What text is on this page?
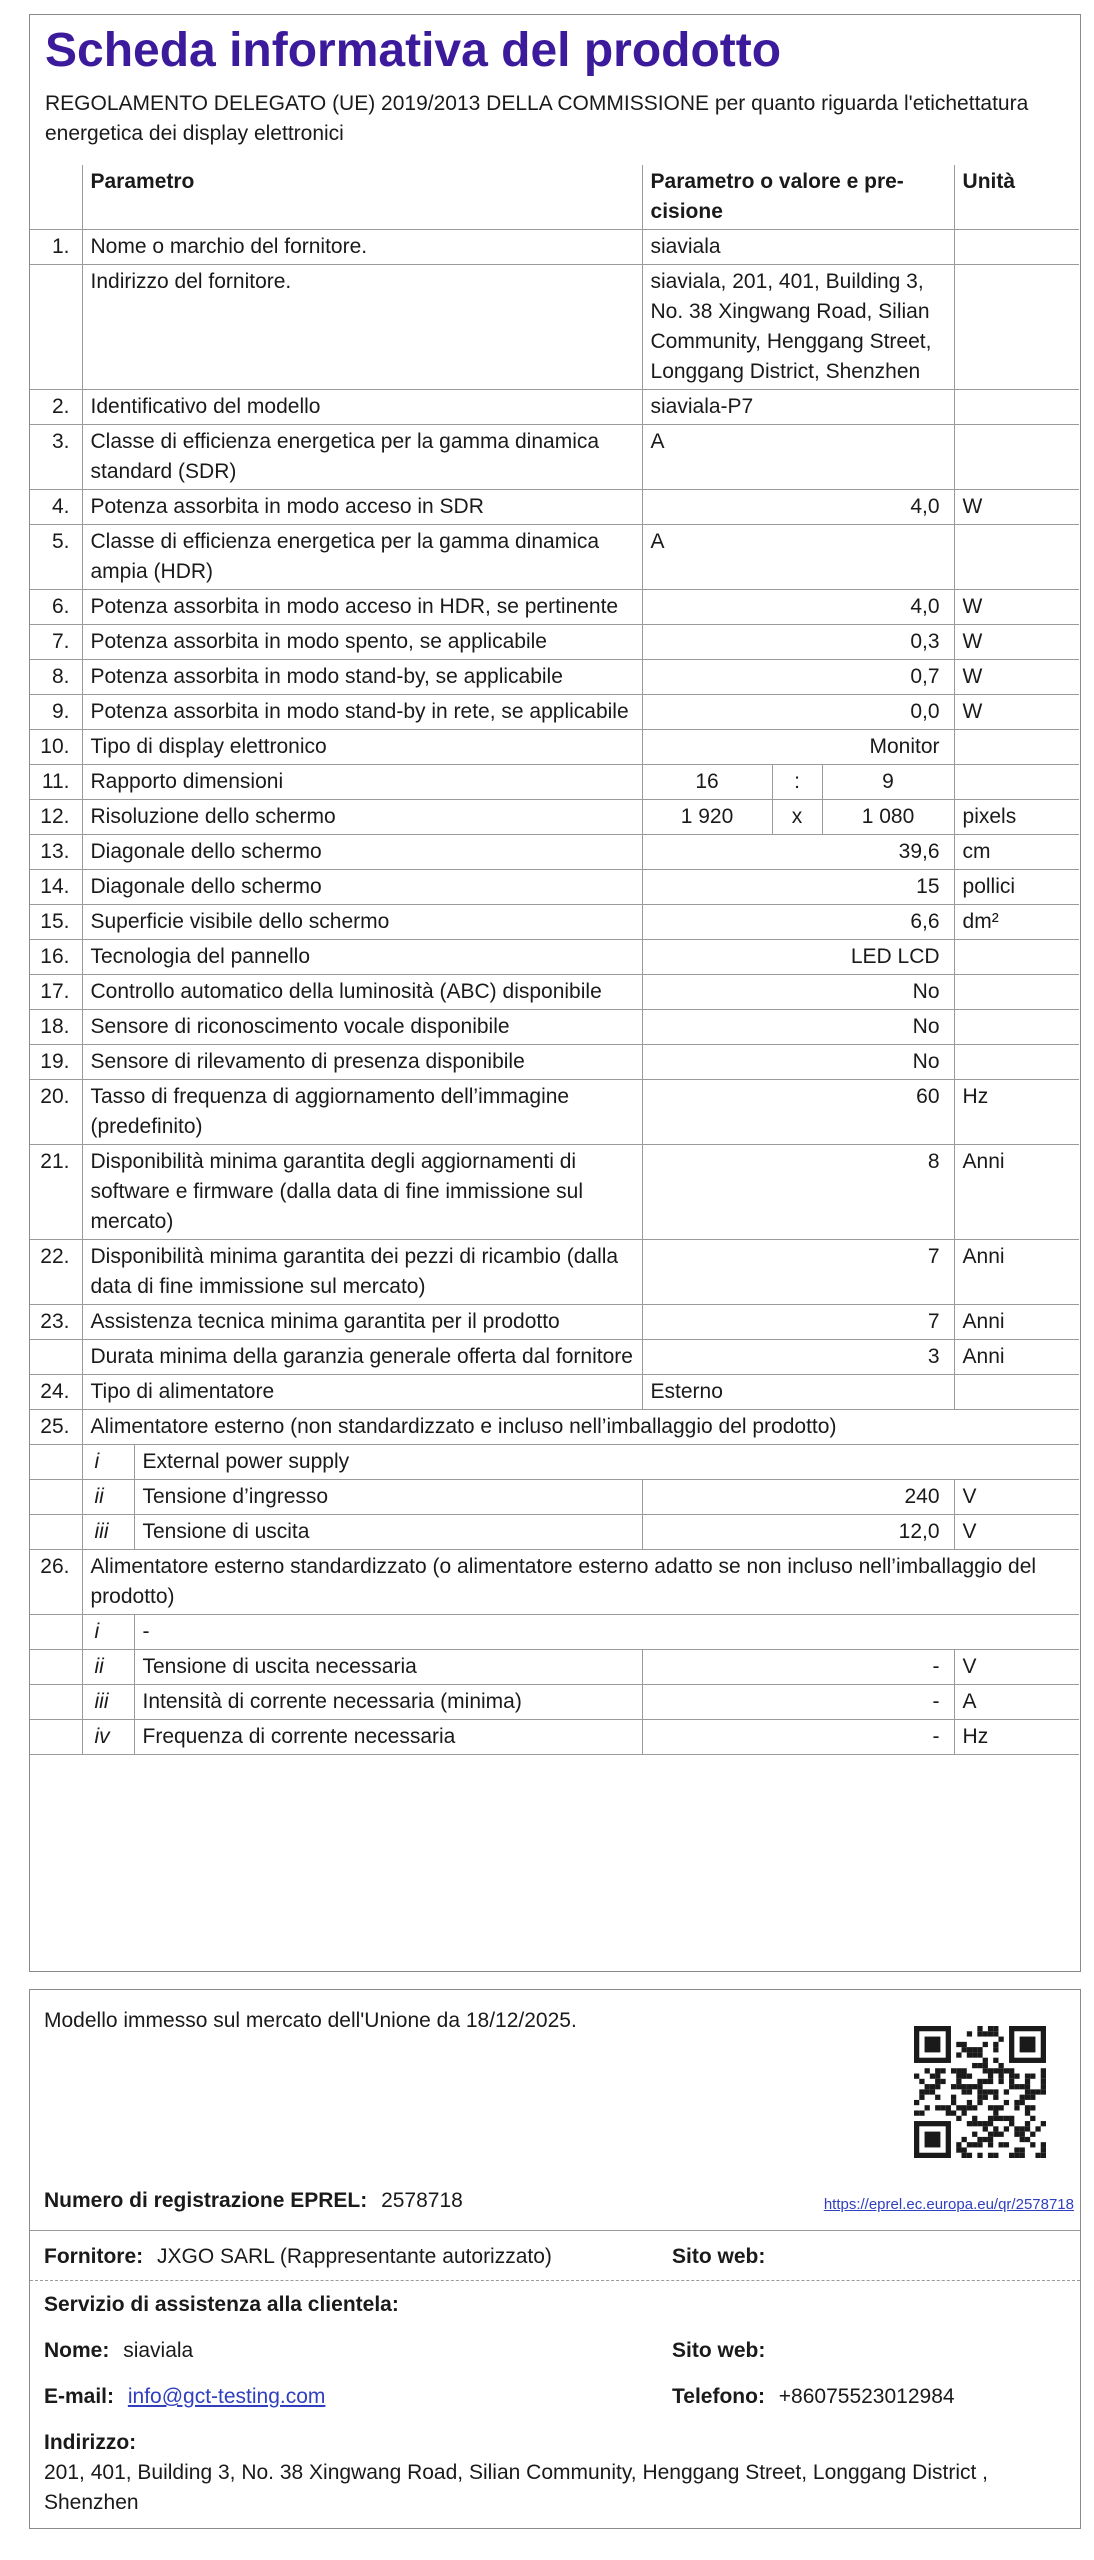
Scheda informativa del prodotto

REGOLAMENTO DELEGATO (UE) 2019/2013 DELLA COMMISSIONE per quanto riguarda l'etichettatura energetica dei display elettronici

	Parametro		Parametro o valore e precisione			Unità
1.	Nome o marchio del fornitore.		siaviala			
	Indirizzo del fornitore.		siaviala, 201, 401, Building 3, No. 38 Xingwang Road, Silian Community, Henggang Street, Longgang District, Shenzhen			
2.	Identificativo del modello		siaviala-P7			
3.	Classe di efficienza energetica per la gamma dinamica standard (SDR)		A			
4.	Potenza assorbita in modo acceso in SDR		4,0			W
5.	Classe di efficienza energetica per la gamma dinamica ampia (HDR)		A			
6.	Potenza assorbita in modo acceso in HDR, se pertinente		4,0			W
7.	Potenza assorbita in modo spento, se applicabile		0,3			W
8.	Potenza assorbita in modo stand-by, se applicabile		0,7			W
9.	Potenza assorbita in modo stand-by in rete, se applicabile		0,0			W
10.	Tipo di display elettronico		Monitor			
11.	Rapporto dimensioni		16	:	9	
12.	Risoluzione dello schermo		1 920	x	1 080	pixels
13.	Diagonale dello schermo		39,6			cm
14.	Diagonale dello schermo		15			pollici
15.	Superficie visibile dello schermo		6,6			dm²
16.	Tecnologia del pannello		LED LCD			
17.	Controllo automatico della luminosità (ABC) disponibile		No			
18.	Sensore di riconoscimento vocale disponibile		No			
19.	Sensore di rilevamento di presenza disponibile		No			
20.	Tasso di frequenza di aggiornamento dell’immagine (predefinito)		60			Hz
21.	Disponibilità minima garantita degli aggiornamenti di software e firmware (dalla data di fine immissione sul mercato)		8			Anni
22.	Disponibilità minima garantita dei pezzi di ricambio (dalla data di fine immissione sul mercato)		7			Anni
23.	Assistenza tecnica minima garantita per il prodotto		7			Anni
	Durata minima della garanzia generale offerta dal fornitore		3			Anni
24.	Tipo di alimentatore		Esterno			
25.	Alimentatore esterno (non standardizzato e incluso nell’imballaggio del prodotto)					
	i	External power supply				
	ii	Tensione d’ingresso	240			V
	iii	Tensione di uscita	12,0			V
26.	Alimentatore esterno standardizzato (o alimentatore esterno adatto se non incluso nell’imballaggio del prodotto)					
	i	-				
	ii	Tensione di uscita necessaria	-			V
	iii	Intensità di corrente necessaria (minima)	-			A
	iv	Frequenza di corrente necessaria	-			Hz
Modello immesso sul mercato dell'Unione da 18/12/2025.
Numero di registrazione EPREL: 2578718	https://eprel.ec.europa.eu/qr/2578718
Fornitore: JXGO SARL (Rappresentante autorizzato)	Sito web:
Servizio di assistenza alla clientela:
Nome: siaviala	Sito web:
E-mail: info@gct-testing.com	Telefono: +86075523012984
Indirizzo:
201, 401, Building 3, No. 38 Xingwang Road, Silian Community, Henggang Street, Longgang District , Shenzhen
